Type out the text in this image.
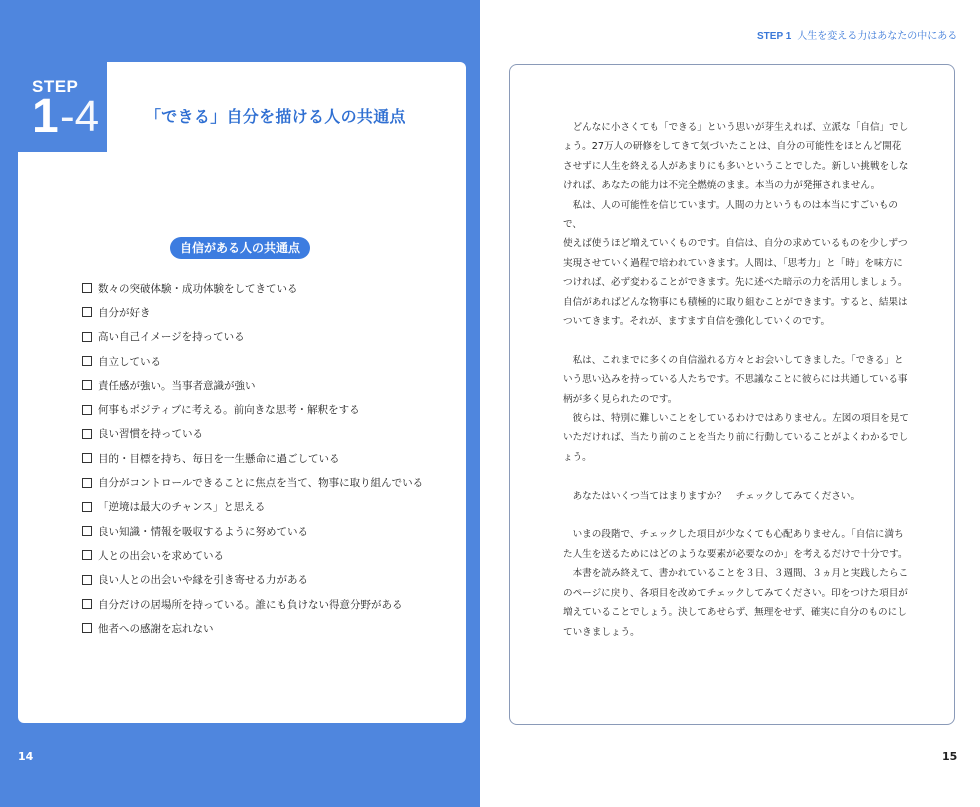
STEP
1 -4	「できる」自分を描ける人の共通点
自信がある人の共通点
数々の突破体験・成功体験をしてきている
自分が好き
高い自己イメージを持っている
自立している
責任感が強い。当事者意識が強い
何事もポジティブに考える。前向きな思考・解釈をする
良い習慣を持っている
目的・目標を持ち、毎日を一生懸命に過ごしている
自分がコントロールできることに焦点を当て、物事に取り組んでいる
「逆境は最大のチャンス」と思える
良い知識・情報を吸収するように努めている
人との出会いを求めている
良い人との出会いや縁を引き寄せる力がある
自分だけの居場所を持っている。誰にも負けない得意分野がある
他者への感謝を忘れない
14
STEP 1 人生を変える力はあなたの中にある

　どんなに小さくても「できる」という思いが芽生えれば、立派な「自信」でし

ょう。27万人の研修をしてきて気づいたことは、自分の可能性をほとんど開花

させずに人生を終える人があまりにも多いということでした。新しい挑戦をしな

ければ、あなたの能力は不完全燃焼のまま。本当の力が発揮されません。

　私は、人の可能性を信じています。人間の力というものは本当にすごいもので、

使えば使うほど増えていくものです。自信は、自分の求めているものを少しずつ

実現させていく過程で培われていきます。人間は、「思考力」と「時」を味方に

つければ、必ず変わることができます。先に述べた暗示の力を活用しましょう。

自信があればどんな物事にも積極的に取り組むことができます。すると、結果は

ついてきます。それが、ますます自信を強化していくのです。

　私は、これまでに多くの自信溢れる方々とお会いしてきました。「できる」と

いう思い込みを持っている人たちです。不思議なことに彼らには共通している事

柄が多く見られたのです。

　彼らは、特別に難しいことをしているわけではありません。左図の項目を見て

いただければ、当たり前のことを当たり前に行動していることがよくわかるでし

ょう。

　あなたはいくつ当てはまりますか？　チェックしてみてください。

　いまの段階で、チェックした項目が少なくても心配ありません。「自信に満ち

た人生を送るためにはどのような要素が必要なのか」を考えるだけで十分です。

　本書を読み終えて、書かれていることを３日、３週間、３ヵ月と実践したらこ

のページに戻り、各項目を改めてチェックしてみてください。印をつけた項目が

増えていることでしょう。決してあせらず、無理をせず、確実に自分のものにし

ていきましょう。

15
